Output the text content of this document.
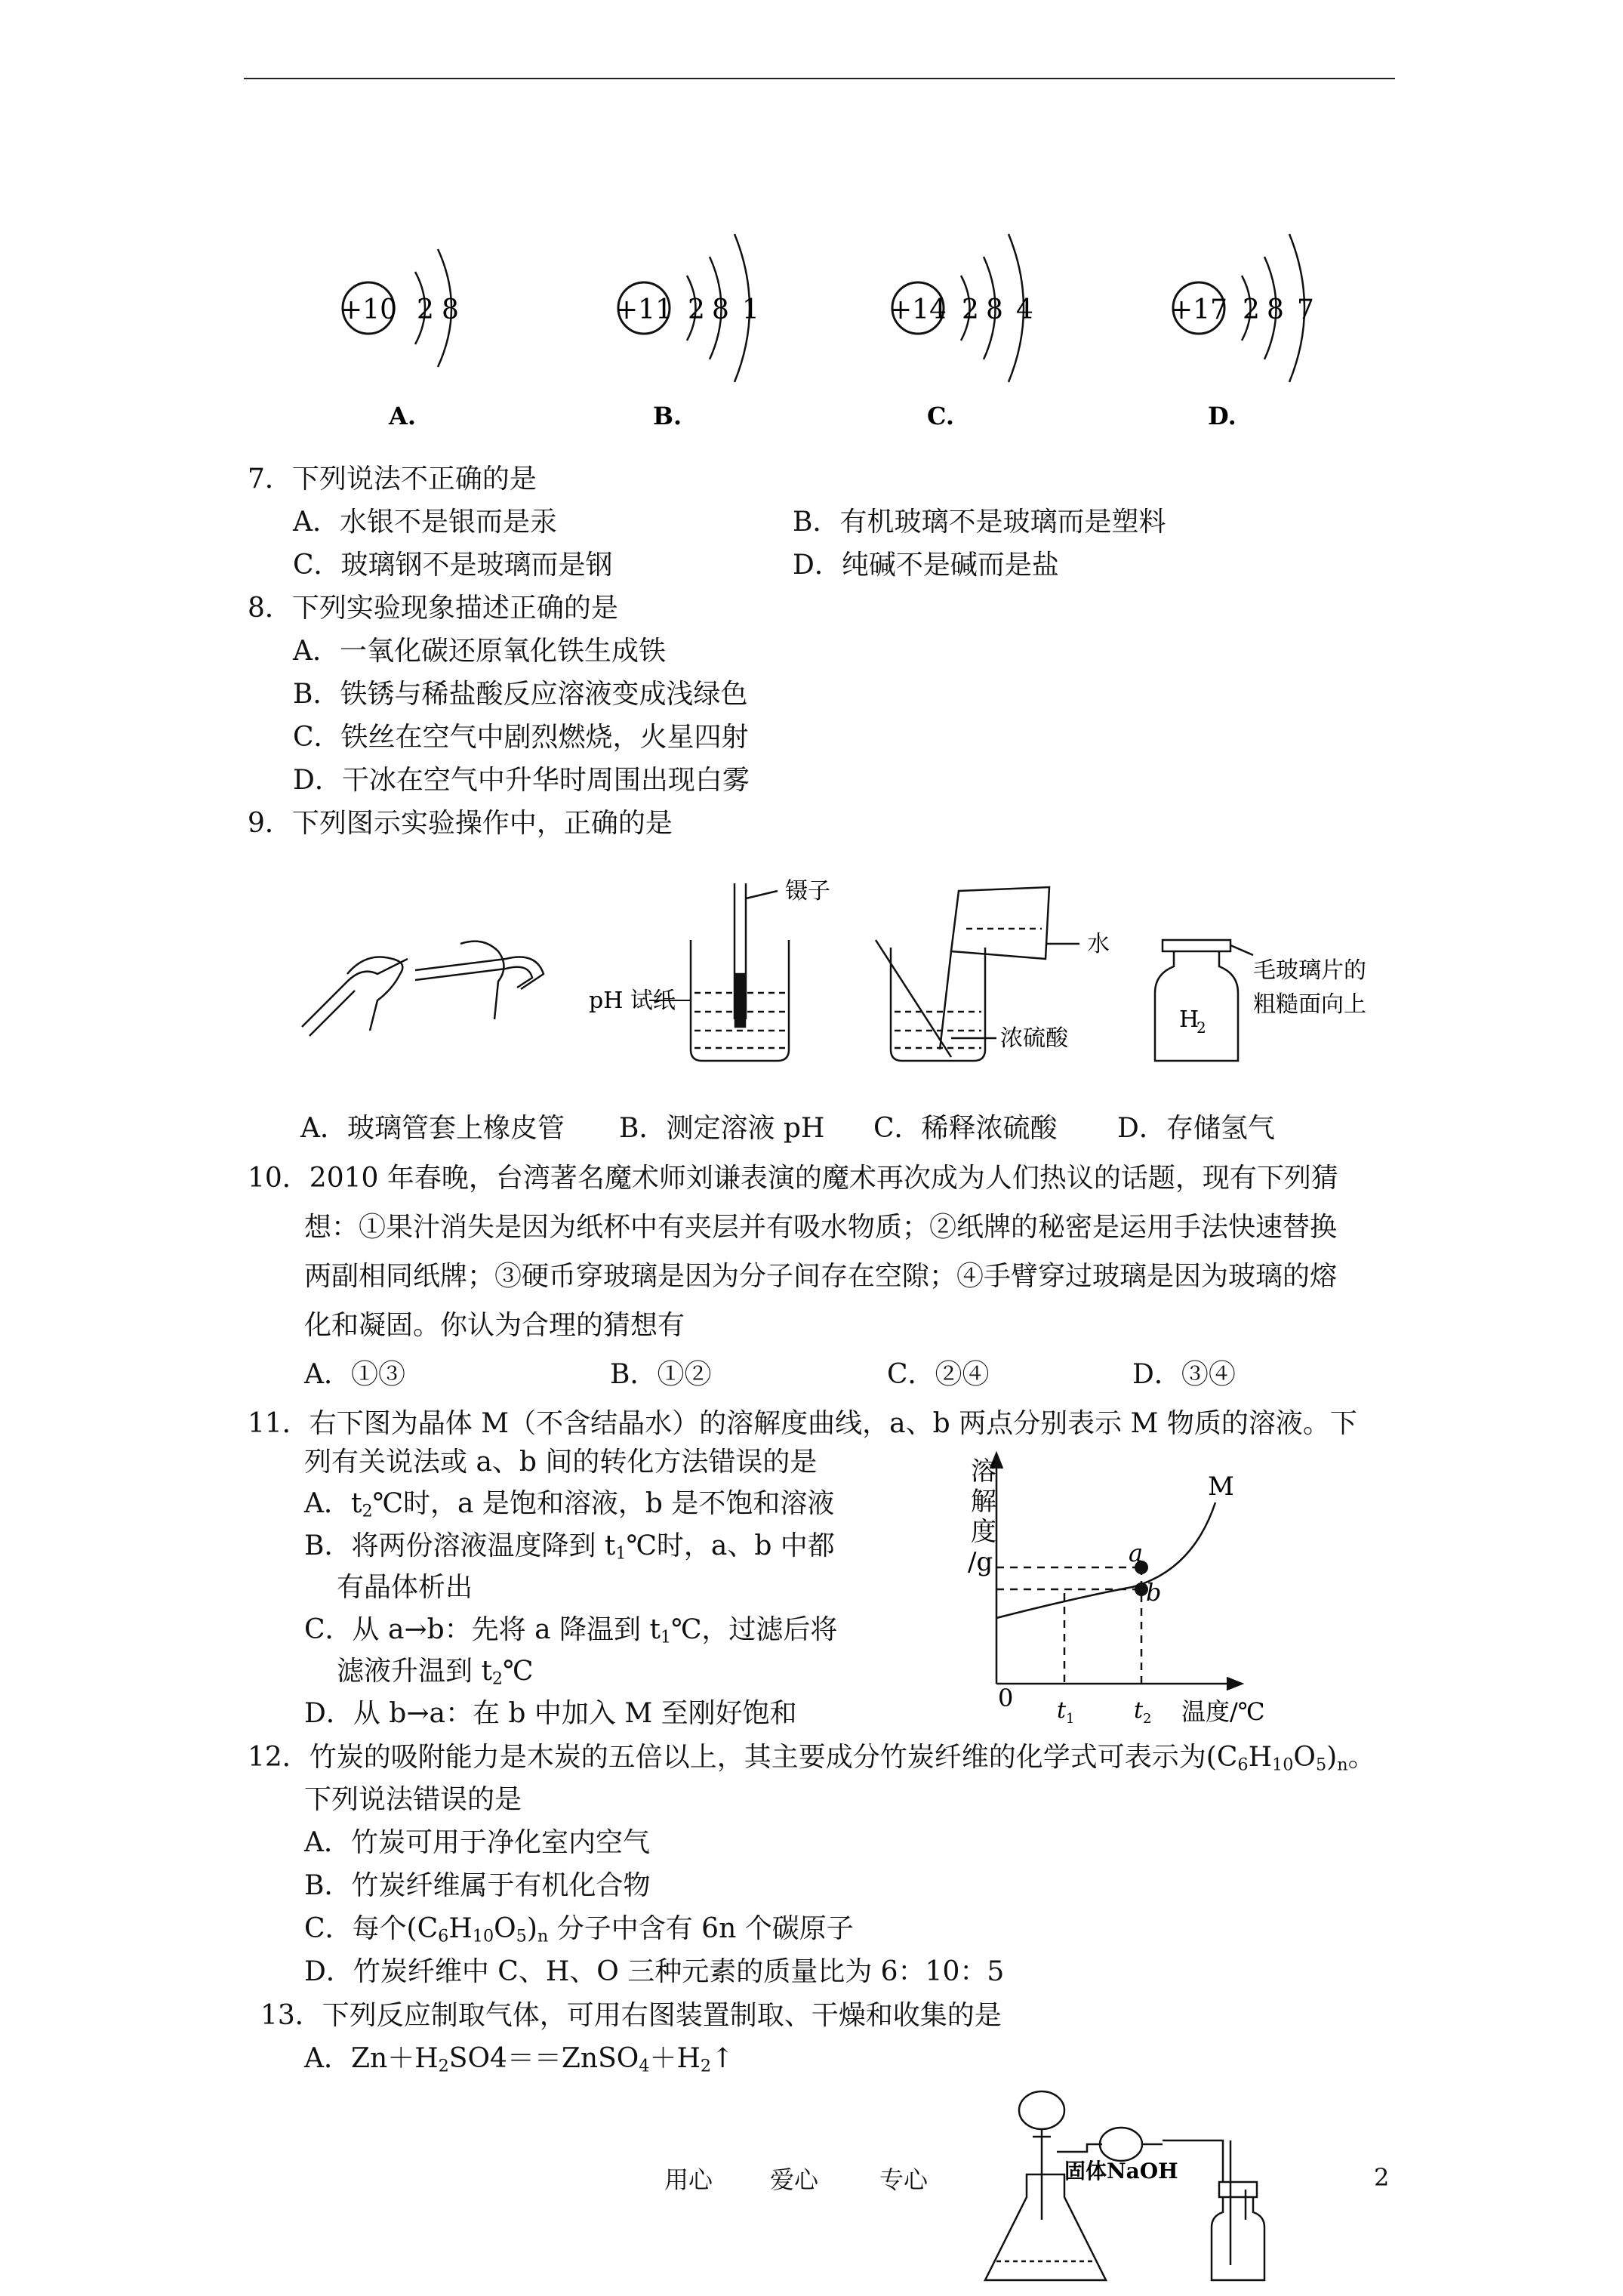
+10 2 8
A.
+11 2 8 1
B.
+14 2 8 4
C.
+17 2 8 7
D.
7．下列说法不正确的是
A．水银不是银而是汞	B．有机玻璃不是玻璃而是塑料
C．玻璃钢不是玻璃而是钢	D．纯碱不是碱而是盐
8．下列实验现象描述正确的是
A．一氧化碳还原氧化铁生成铁
B．铁锈与稀盐酸反应溶液变成浅绿色
C．铁丝在空气中剧烈燃烧，火星四射
D．干冰在空气中升华时周围出现白雾
9．下列图示实验操作中，正确的是
镊子
pH 试纸
水
浓硫酸
H
2
毛玻璃片的
粗糙面向上
A．玻璃管套上橡皮管 B．测定溶液 pH C．稀释浓硫酸 D．存储氢气
10．2010 年春晚，台湾著名魔术师刘谦表演的魔术再次成为人们热议的话题，现有下列猜
想：①果汁消失是因为纸杯中有夹层并有吸水物质；②纸牌的秘密是运用手法快速替换
两副相同纸牌；③硬币穿玻璃是因为分子间存在空隙；④手臂穿过玻璃是因为玻璃的熔
化和凝固。你认为合理的猜想有
A．①③	B．①②	C．②④	D．③④
11．右下图为晶体 M（不含结晶水）的溶解度曲线，a、b 两点分别表示 M 物质的溶液。下
列有关说法或 a、b 间的转化方法错误的是
A．$t_2℃$时，a 是饱和溶液，b 是不饱和溶液
B．将两份溶液温度降到 $t_1℃$时，a、b 中都
有晶体析出
C．从 a→b：先将 a 降温到 $t_1℃$，过滤后将
滤液升温到 $t_2℃$
D．从 b→a：在 b 中加入 M 至刚好饱和
溶
解
度
/g
M
a
b
0 t 1	t 2 温度/℃
12．竹炭的吸附能力是木炭的五倍以上，其主要成分竹炭纤维的化学式可表示为$(C_6H_{10}O_5)_n$。
下列说法错误的是
A．竹炭可用于净化室内空气
B．竹炭纤维属于有机化合物
C．每个$(C_6H_{10}O_5)_n$ 分子中含有 6n 个碳原子
D．竹炭纤维中 C、H、O 三种元素的质量比为 6：10：5
13．下列反应制取气体，可用右图装置制取、干燥和收集的是
A．$Zn+H_2SO4==ZnSO_4+H_2↑$
固体NaOH
用心 爱心	专心	2
